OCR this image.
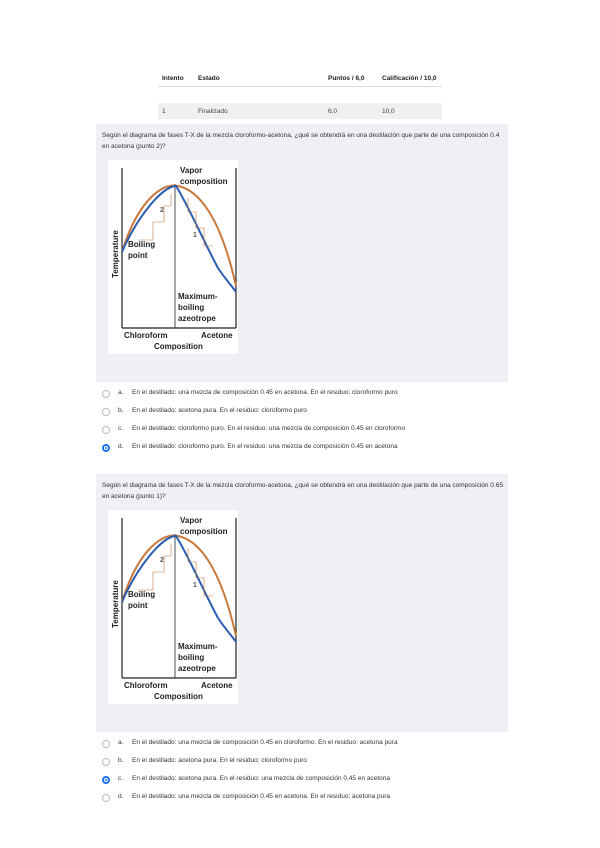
Intento Estado	Puntos / 6,0	Calificación / 10,0
1	Finalizado	6,0	10,0
Según el diagrama de fases T-X de la mezcla cloroformo-acetona, ¿qué se obtendrá en una destilación que parte de una composición 0.4 en acetona (punto 2)?
2
1
Vapor
composition
Boiling
point
Maximum-
boiling
azeotrope
Temperature
Chloroform	Acetone
Composition
a. En el destilado: una mezcla de composición 0.45 en acetona. En el residuo: cloroformo puro
b. En el destilado: acetona pura. En el residuo: cloroformo puro
c. En el destilado: cloroformo puro. En el residuo: una mezcla de composición 0.45 en cloroformo
d. En el destilado: cloroformo puro. En el residuo: una mezcla de composición 0.45 en acetona
Según el diagrama de fases T-X de la mezcla cloroformo-acetona, ¿qué se obtendrá en una destilación que parte de una composición 0.65 en acetona (punto 1)?
2
1
Vapor
composition
Boiling
point
Maximum-
boiling
azeotrope
Temperature
Chloroform	Acetone
Composition
a. En el destilado: una mezcla de composición 0.45 en cloroformo. En el residuo: acetona pura
b. En el destilado: acetona pura. En el residuo: cloroformo puro
c. En el destilado: acetona pura. En el residuo: una mezcla de composición 0.45 en acetona
d. En el destilado: una mezcla de composición 0.45 en acetona. En el residuo: acetona pura
